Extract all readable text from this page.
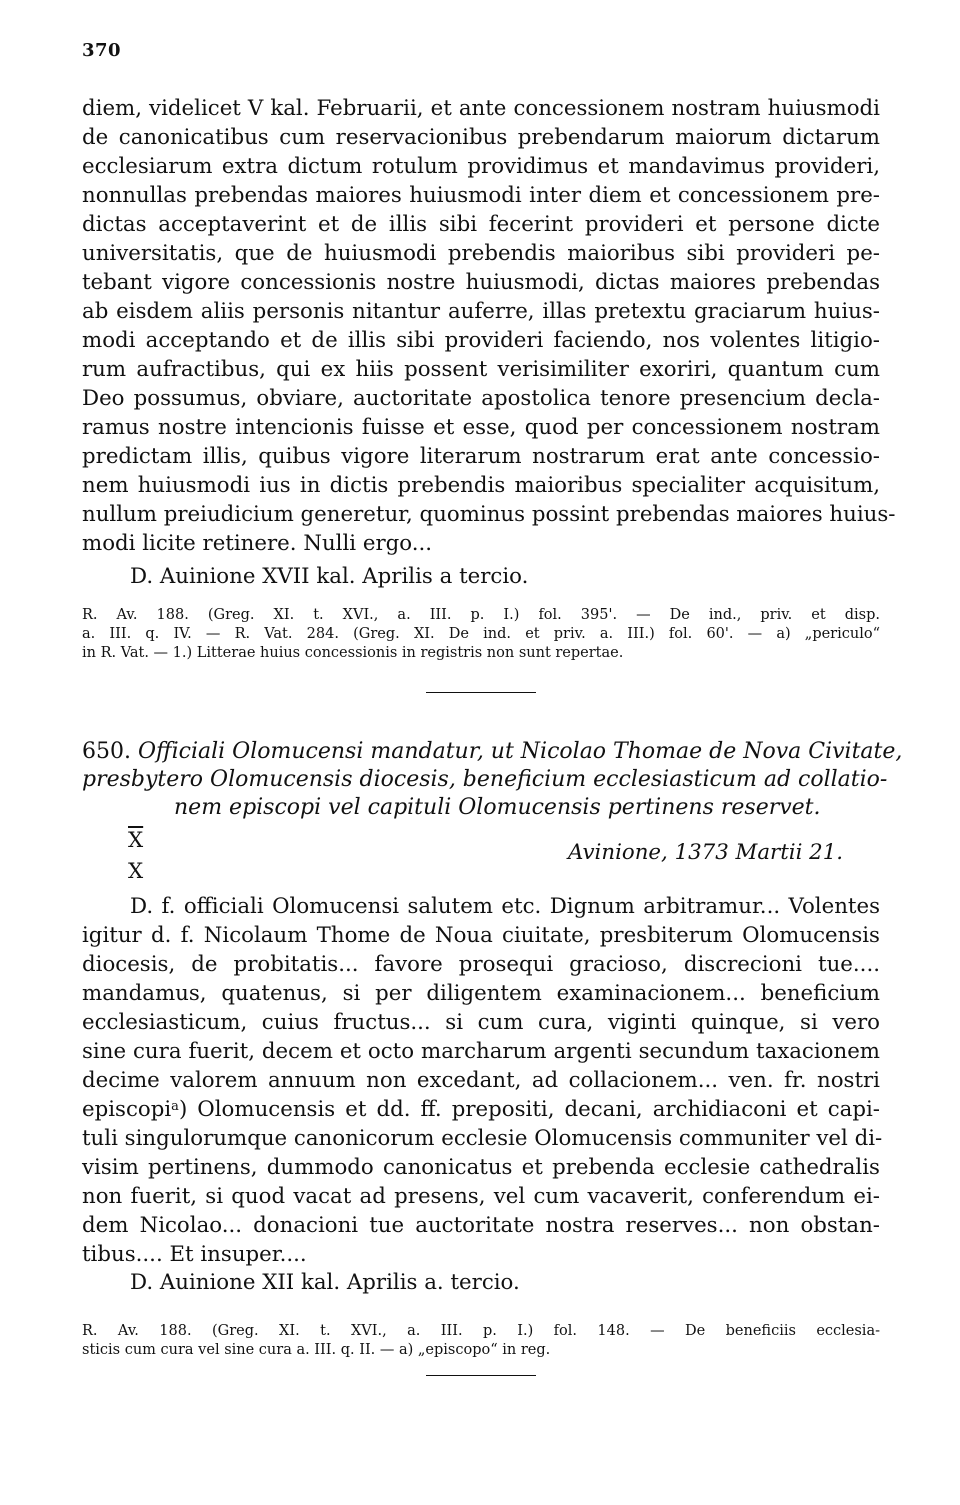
370
diem, videlicet V kal. Februarii, et ante concessionem nostram huiusmodi
de canonicatibus cum reservacionibus prebendarum maiorum dictarum
ecclesiarum extra dictum rotulum providimus et mandavimus provideri,
nonnullas prebendas maiores huiusmodi inter diem et concessionem pre-
dictas acceptaverint et de illis sibi fecerint provideri et persone dicte
universitatis, que de huiusmodi prebendis maioribus sibi provideri pe-
tebant vigore concessionis nostre huiusmodi, dictas maiores prebendas
ab eisdem aliis personis nitantur auferre, illas pretextu graciarum huius-
modi acceptando et de illis sibi provideri faciendo, nos volentes litigio-
rum aufractibus, qui ex hiis possent verisimiliter exoriri, quantum cum
Deo possumus, obviare, auctoritate apostolica tenore presencium decla-
ramus nostre intencionis fuisse et esse, quod per concessionem nostram
predictam illis, quibus vigore literarum nostrarum erat ante concessio-
nem huiusmodi ius in dictis prebendis maioribus specialiter acquisitum,
nullum preiudicium generetur, quominus possint prebendas maiores huius-
modi licite retinere. Nulli ergo...
D. Auinione XVII kal. Aprilis a tercio.
R. Av. 188. (Greg. XI. t. XVI., a. III. p. I.) fol. 395'. — De ind., priv. et disp.
a. III. q. IV. — R. Vat. 284. (Greg. XI. De ind. et priv. a. III.) fol. 60'. — a) „periculo“
in R. Vat. — 1.) Litterae huius concessionis in registris non sunt repertae.
650. Officiali Olomucensi mandatur, ut Nicolao Thomae de Nova Civitate,
presbytero Olomucensis diocesis, beneficium ecclesiasticum ad collatio-
nem episcopi vel capituli Olomucensis pertinens reservet.
$\overline{X}$
X
Avinione, 1373 Martii 21.
D. f. officiali Olomucensi salutem etc. Dignum arbitramur... Volentes
igitur d. f. Nicolaum Thome de Noua ciuitate, presbiterum Olomucensis
diocesis, de probitatis... favore prosequi gracioso, discrecioni tue....
mandamus, quatenus, si per diligentem examinacionem... beneficium
ecclesiasticum, cuius fructus... si cum cura, viginti quinque, si vero
sine cura fuerit, decem et octo marcharum argenti secundum taxacionem
decime valorem annuum non excedant, ad collacionem... ven. fr. nostri
episcopi$^a$) Olomucensis et dd. ff. prepositi, decani, archidiaconi et capi-
tuli singulorumque canonicorum ecclesie Olomucensis communiter vel di-
visim pertinens, dummodo canonicatus et prebenda ecclesie cathedralis
non fuerit, si quod vacat ad presens, vel cum vacaverit, conferendum ei-
dem Nicolao... donacioni tue auctoritate nostra reserves... non obstan-
tibus.... Et insuper....
D. Auinione XII kal. Aprilis a. tercio.
R. Av. 188. (Greg. XI. t. XVI., a. III. p. I.) fol. 148. — De beneficiis ecclesia-
sticis cum cura vel sine cura a. III. q. II. — a) „episcopo“ in reg.
